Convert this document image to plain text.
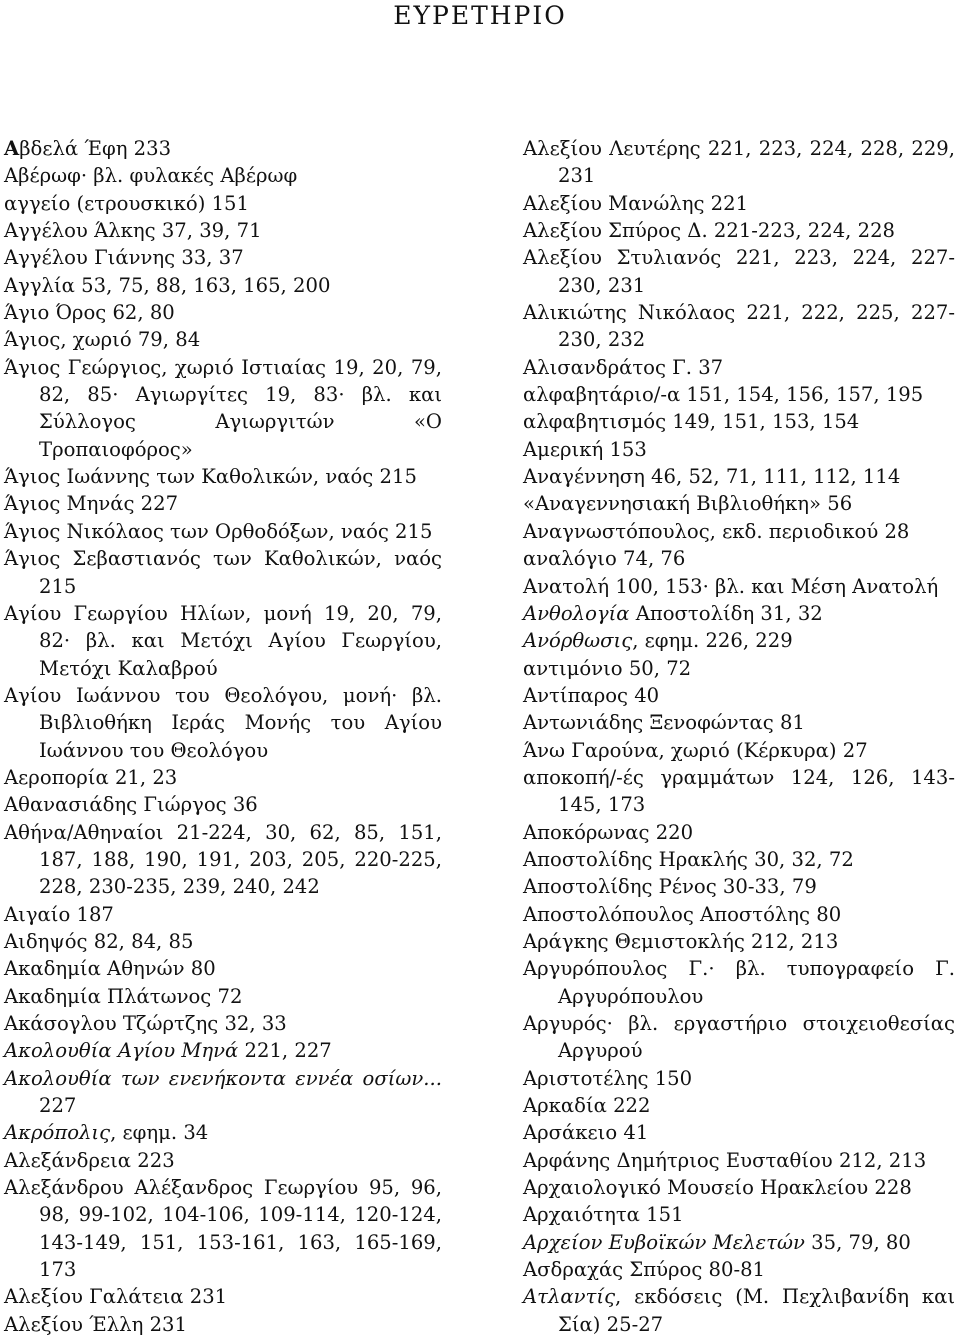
ΕΥΡΕΤΗΡΙΟ

Αβδελά Έφη 233

Αβέρωφ· βλ. φυλακές Αβέρωφ

αγγείο (ετρουσκικό) 151

Αγγέλου Άλκης 37, 39, 71

Αγγέλου Γιάννης 33, 37

Αγγλία 53, 75, 88, 163, 165, 200

Άγιο Όρος 62, 80

Άγιος, χωριό 79, 84

Άγιος Γεώργιος, χωριό Ιστιαίας 19, 20, 79, 82, 85· Αγιωργίτες 19, 83· βλ. και Σύλλογος Αγιωργιτών «Ο Τροπαιοφόρος»

Άγιος Ιωάννης των Καθολικών, ναός 215

Άγιος Μηνάς 227

Άγιος Νικόλαος των Ορθοδόξων, ναός 215

Άγιος Σεβαστιανός των Καθολικών, ναός 215

Αγίου Γεωργίου Ηλίων, μονή 19, 20, 79, 82· βλ. και Μετόχι Αγίου Γεωργίου, Μετόχι Καλαβρού

Αγίου Ιωάννου του Θεολόγου, μονή· βλ. Βιβλιοθήκη Ιεράς Μονής του Αγίου Ιωάννου του Θεολόγου

Αεροπορία 21, 23

Αθανασιάδης Γιώργος 36

Αθήνα/Αθηναίοι 21-224, 30, 62, 85, 151, 187, 188, 190, 191, 203, 205, 220-225, 228, 230-235, 239, 240, 242

Αιγαίο 187

Αιδηψός 82, 84, 85

Ακαδημία Αθηνών 80

Ακαδημία Πλάτωνος 72

Ακάσογλου Τζώρτζης 32, 33

Ακολουθία Αγίου Μηνά 221, 227

Ακολουθία των ενενήκοντα εννέα οσίων... 227

Ακρόπολις, εφημ. 34

Αλεξάνδρεια 223

Αλεξάνδρου Αλέξανδρος Γεωργίου 95, 96, 98, 99-102, 104-106, 109-114, 120-124, 143-149, 151, 153-161, 163, 165-169, 173

Αλεξίου Γαλάτεια 231

Αλεξίου Έλλη 231

Αλεξίου Λευτέρης 221, 223, 224, 228, 229, 231

Αλεξίου Μανώλης 221

Αλεξίου Σπύρος Δ. 221-223, 224, 228

Αλεξίου Στυλιανός 221, 223, 224, 227-230, 231

Αλικιώτης Νικόλαος 221, 222, 225, 227-230, 232

Αλισανδράτος Γ. 37

αλφαβητάριο/-α 151, 154, 156, 157, 195

αλφαβητισμός 149, 151, 153, 154

Αμερική 153

Αναγέννηση 46, 52, 71, 111, 112, 114

«Αναγεννησιακή Βιβλιοθήκη» 56

Αναγνωστόπουλος, εκδ. περιοδικού 28

αναλόγιο 74, 76

Ανατολή 100, 153· βλ. και Μέση Ανατολή

Ανθολογία Αποστολίδη 31, 32

Ανόρθωσις, εφημ. 226, 229

αντιμόνιο 50, 72

Αντίπαρος 40

Αντωνιάδης Ξενοφώντας 81

Άνω Γαρούνα, χωριό (Κέρκυρα) 27

αποκοπή/-ές γραμμάτων 124, 126, 143-145, 173

Αποκόρωνας 220

Αποστολίδης Ηρακλής 30, 32, 72

Αποστολίδης Ρένος 30-33, 79

Αποστολόπουλος Αποστόλης 80

Αράγκης Θεμιστοκλής 212, 213

Αργυρόπουλος Γ.· βλ. τυπογραφείο Γ. Αργυρόπουλου

Αργυρός· βλ. εργαστήριο στοιχειοθεσίας Αργυρού

Αριστοτέλης 150

Αρκαδία 222

Αρσάκειο 41

Αρφάνης Δημήτριος Ευσταθίου 212, 213

Αρχαιολογικό Μουσείο Ηρακλείου 228

Αρχαιότητα 151

Αρχείον Ευβοϊκών Μελετών 35, 79, 80

Ασδραχάς Σπύρος 80-81

Ατλαντίς, εκδόσεις (Μ. Πεχλιβανίδη και Σία) 25-27
